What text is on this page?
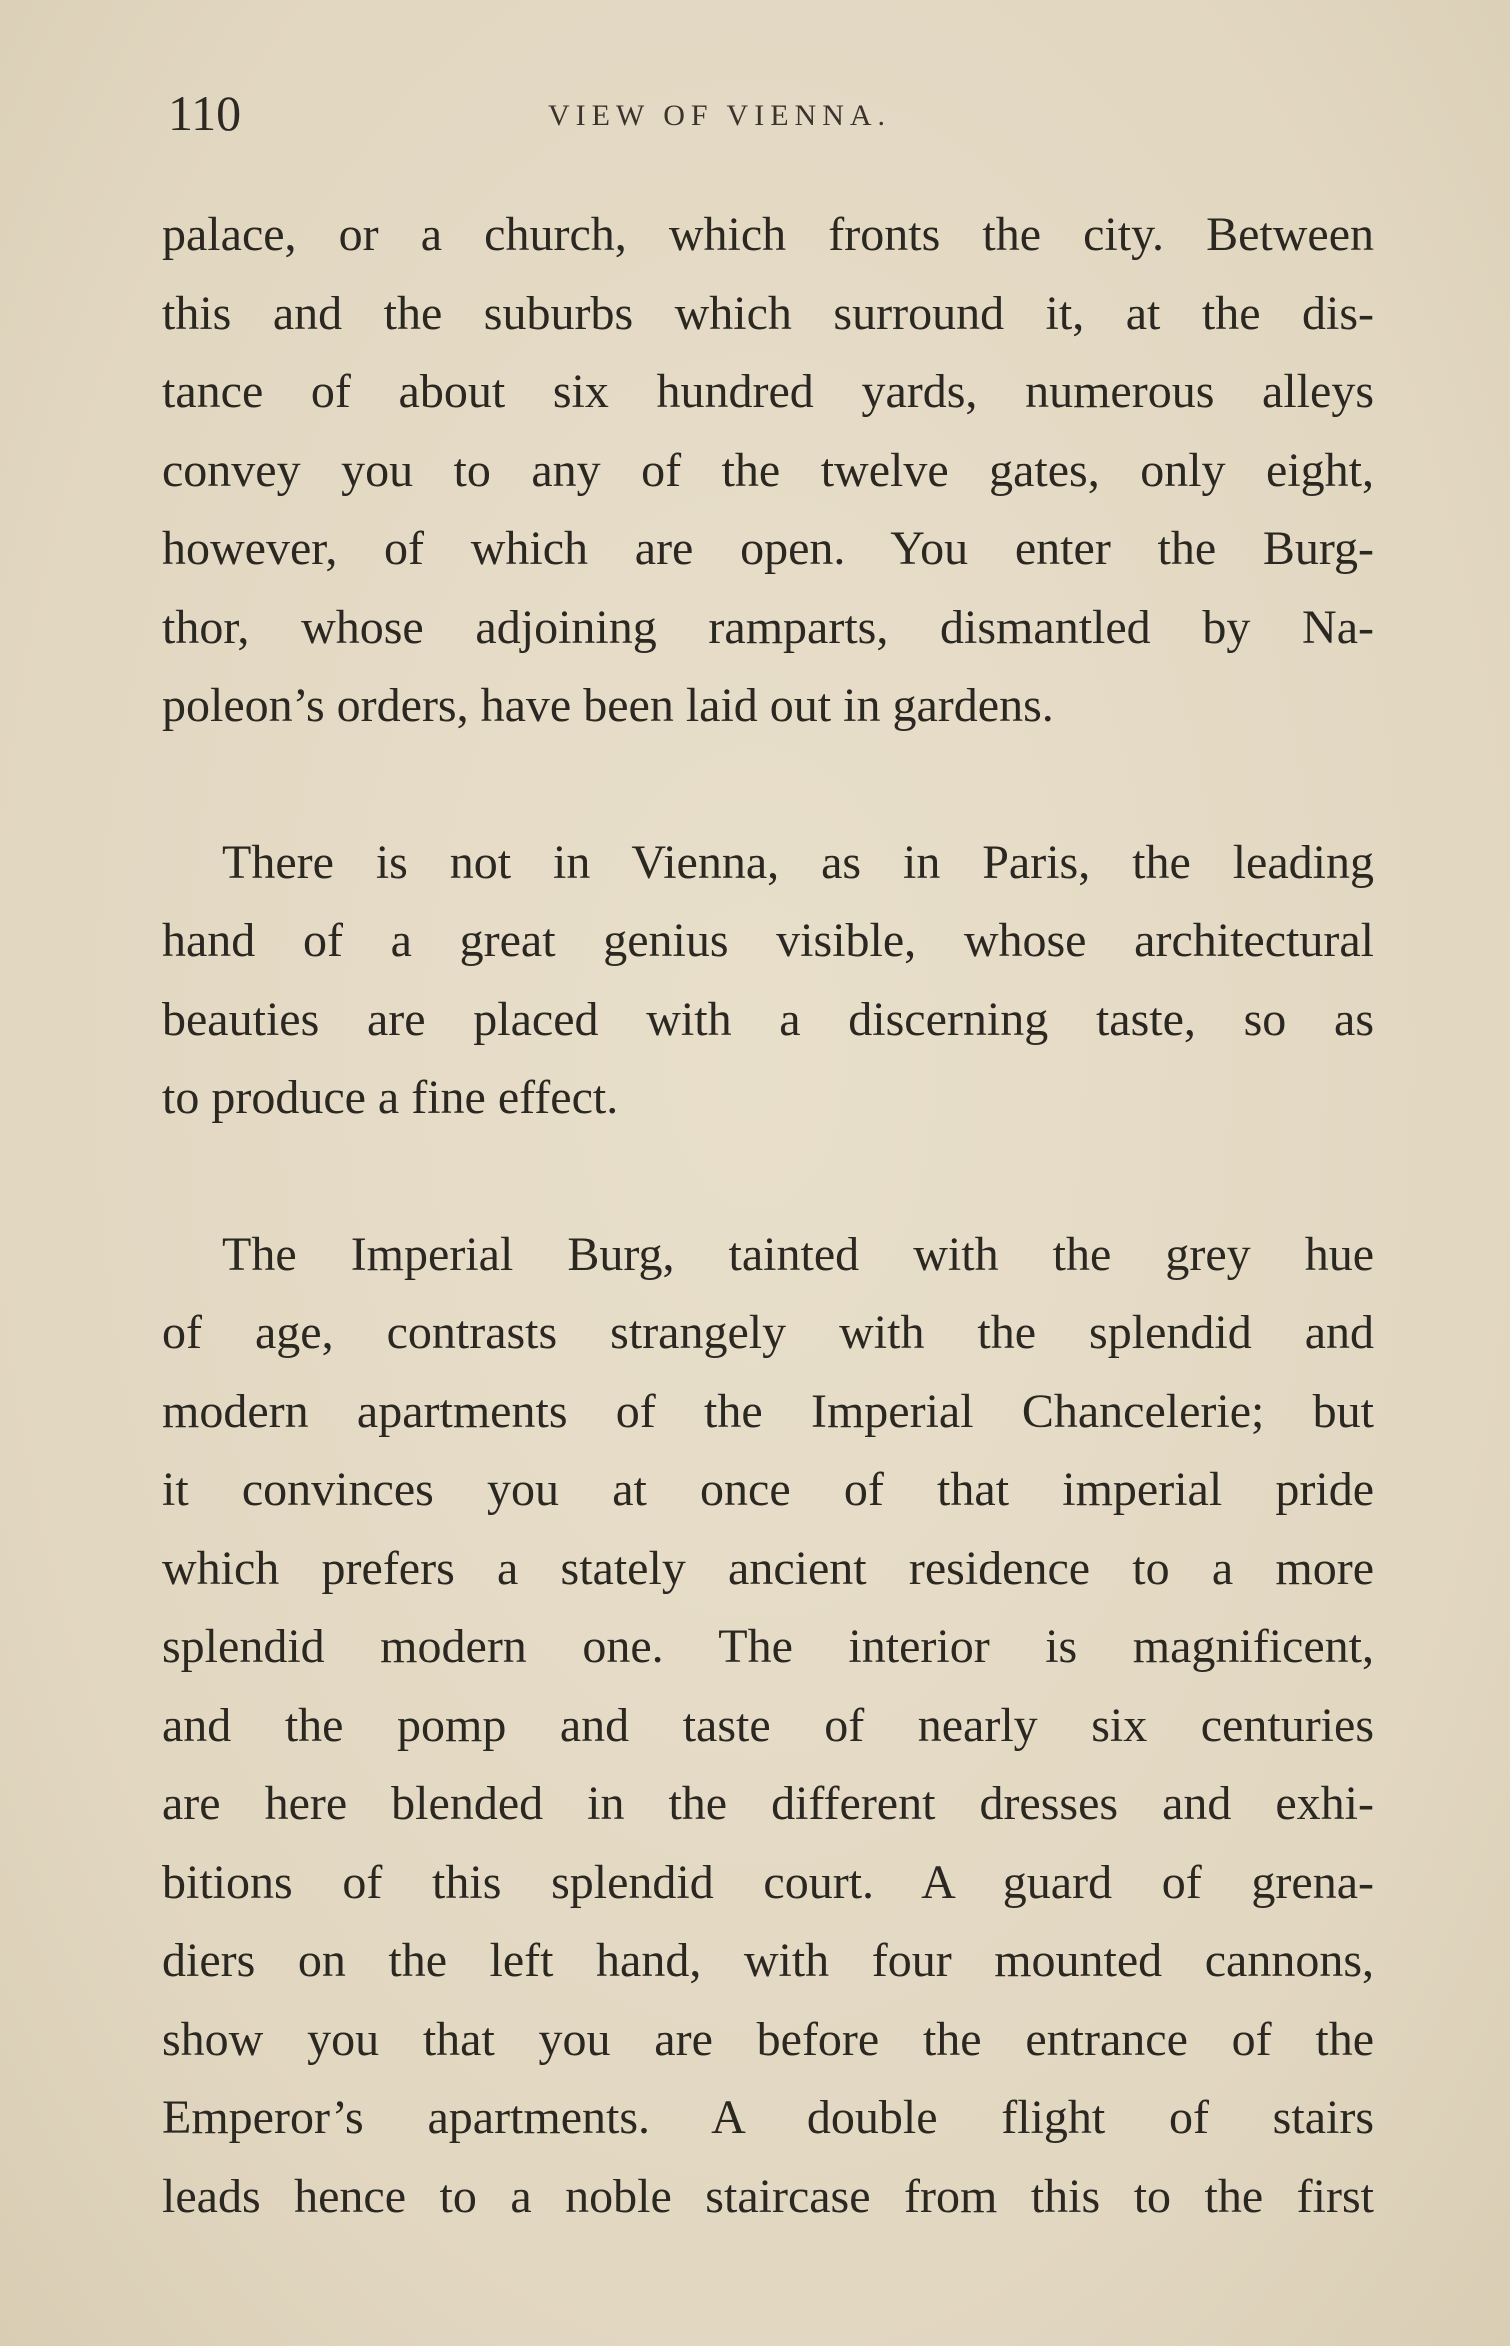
110	VIEW OF VIENNA.
palace, or a church, which fronts the city. Between
this and the suburbs which surround it, at the dis-
tance of about six hundred yards, numerous alleys
convey you to any of the twelve gates, only eight,
however, of which are open. You enter the Burg-
thor, whose adjoining ramparts, dismantled by Na-
poleon’s orders, have been laid out in gardens.
There is not in Vienna, as in Paris, the leading
hand of a great genius visible, whose architectural
beauties are placed with a discerning taste, so as
to produce a fine effect.
The Imperial Burg, tainted with the grey hue
of age, contrasts strangely with the splendid and
modern apartments of the Imperial Chancelerie; but
it convinces you at once of that imperial pride
which prefers a stately ancient residence to a more
splendid modern one. The interior is magnificent,
and the pomp and taste of nearly six centuries
are here blended in the different dresses and exhi-
bitions of this splendid court. A guard of grena-
diers on the left hand, with four mounted cannons,
show you that you are before the entrance of the
Emperor’s apartments. A double flight of stairs
leads hence to a noble staircase from this to the first
